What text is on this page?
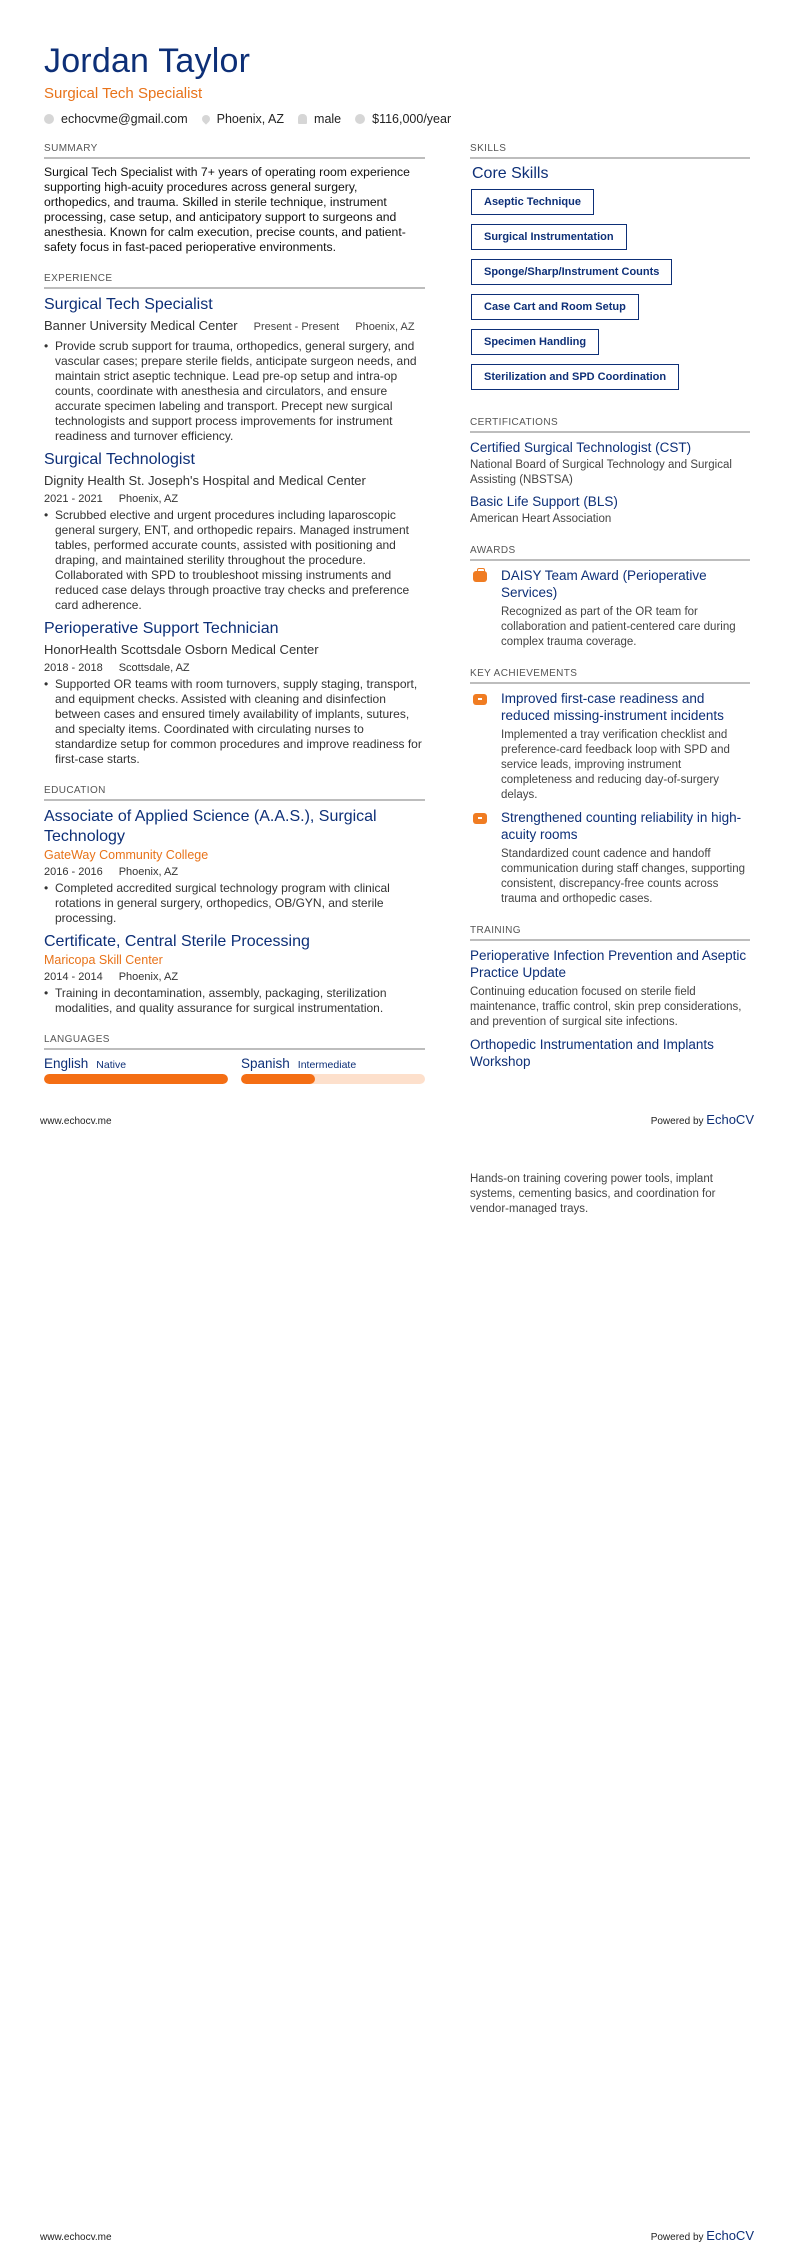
Jordan Taylor
Surgical Tech Specialist
echocvme@gmail.com Phoenix, AZ male $116,000/year
SUMMARY
Surgical Tech Specialist with 7+ years of operating room experience supporting high-acuity procedures across general surgery, orthopedics, and trauma. Skilled in sterile technique, instrument processing, case setup, and anticipatory support to surgeons and anesthesia. Known for calm execution, precise counts, and patient-safety focus in fast-paced perioperative environments.
EXPERIENCE
Surgical Tech Specialist
Banner University Medical Center Present - Present Phoenix, AZ
• Provide scrub support for trauma, orthopedics, general surgery, and vascular cases; prepare sterile fields, anticipate surgeon needs, and maintain strict aseptic technique. Lead pre-op setup and intra-op counts, coordinate with anesthesia and circulators, and ensure accurate specimen labeling and transport. Precept new surgical technologists and support process improvements for instrument readiness and turnover efficiency.
Surgical Technologist
Dignity Health St. Joseph's Hospital and Medical Center
2021 - 2021 Phoenix, AZ
• Scrubbed elective and urgent procedures including laparoscopic general surgery, ENT, and orthopedic repairs. Managed instrument tables, performed accurate counts, assisted with positioning and draping, and maintained sterility throughout the procedure. Collaborated with SPD to troubleshoot missing instruments and reduced case delays through proactive tray checks and preference card adherence.
Perioperative Support Technician
HonorHealth Scottsdale Osborn Medical Center
2018 - 2018 Scottsdale, AZ
• Supported OR teams with room turnovers, supply staging, transport, and equipment checks. Assisted with cleaning and disinfection between cases and ensured timely availability of implants, sutures, and specialty items. Coordinated with circulating nurses to standardize setup for common procedures and improve readiness for first-case starts.
EDUCATION
Associate of Applied Science (A.A.S.), Surgical Technology
GateWay Community College
2016 - 2016 Phoenix, AZ
• Completed accredited surgical technology program with clinical rotations in general surgery, orthopedics, OB/GYN, and sterile processing.
Certificate, Central Sterile Processing
Maricopa Skill Center
2014 - 2014 Phoenix, AZ
• Training in decontamination, assembly, packaging, sterilization modalities, and quality assurance for surgical instrumentation.
LANGUAGES
English Native	Spanish Intermediate
SKILLS
Core Skills
Aseptic Technique
Surgical Instrumentation
Sponge/Sharp/Instrument Counts
Case Cart and Room Setup
Specimen Handling
Sterilization and SPD Coordination
CERTIFICATIONS
Certified Surgical Technologist (CST)
National Board of Surgical Technology and Surgical Assisting (NBSTSA)
Basic Life Support (BLS)
American Heart Association
AWARDS
DAISY Team Award (Perioperative Services)
Recognized as part of the OR team for collaboration and patient-centered care during complex trauma coverage.
KEY ACHIEVEMENTS
Improved first-case readiness and reduced missing-instrument incidents
Implemented a tray verification checklist and preference-card feedback loop with SPD and service leads, improving instrument completeness and reducing day-of-surgery delays.
Strengthened counting reliability in high-acuity rooms
Standardized count cadence and handoff communication during staff changes, supporting consistent, discrepancy-free counts across trauma and orthopedic cases.
TRAINING
Perioperative Infection Prevention and Aseptic Practice Update
Continuing education focused on sterile field maintenance, traffic control, skin prep considerations, and prevention of surgical site infections.
Orthopedic Instrumentation and Implants Workshop
www.echocv.me	Powered by EchoCV
Hands-on training covering power tools, implant systems, cementing basics, and coordination for vendor-managed trays.
www.echocv.me	Powered by EchoCV
